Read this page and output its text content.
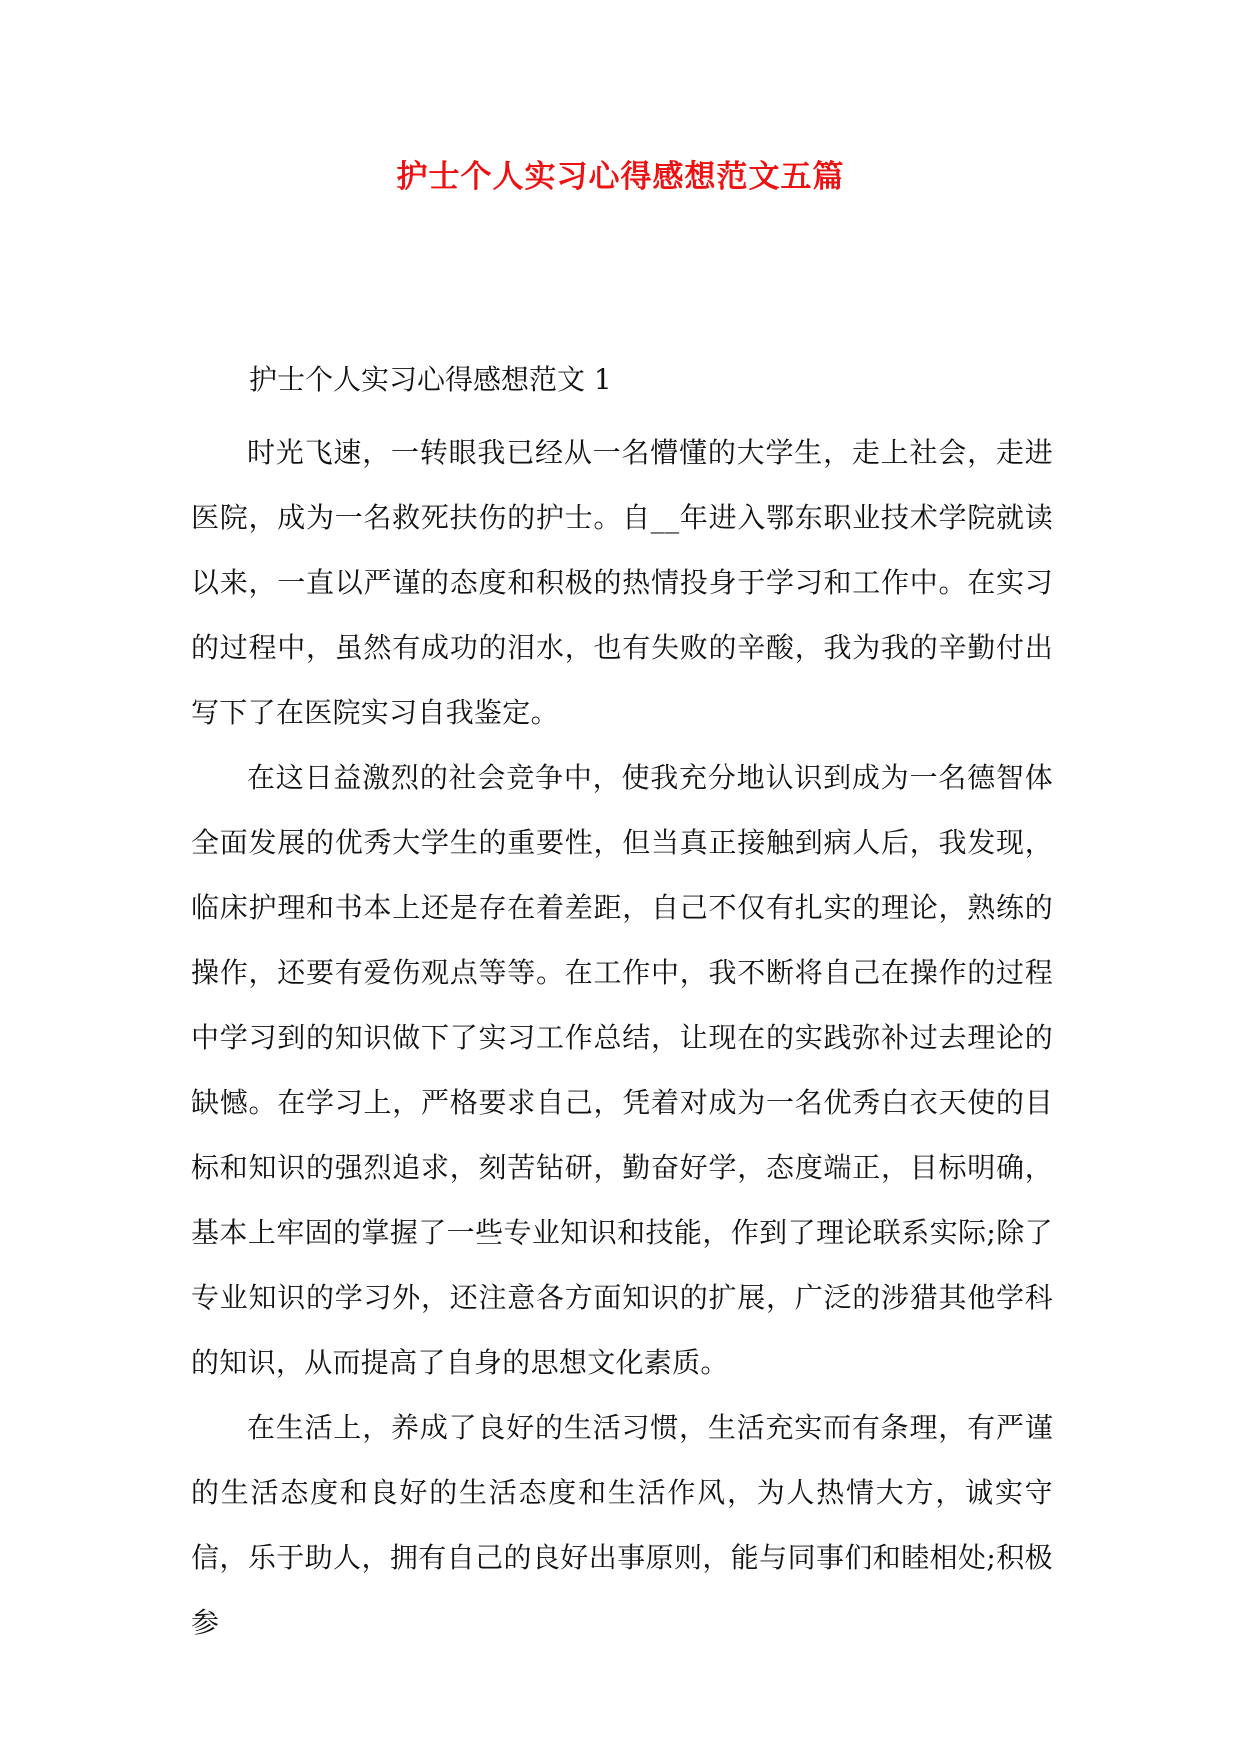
护士个人实习心得感想范文五篇
护士个人实习心得感想范文 1

时光飞速，一转眼我已经从一名懵懂的大学生，走上社会，走进医院，成为一名救死扶伤的护士。自__年进入鄂东职业技术学院就读以来，一直以严谨的态度和积极的热情投身于学习和工作中。在实习的过程中，虽然有成功的泪水，也有失败的辛酸，我为我的辛勤付出写下了在医院实习自我鉴定。

在这日益激烈的社会竞争中，使我充分地认识到成为一名德智体全面发展的优秀大学生的重要性，但当真正接触到病人后，我发现，临床护理和书本上还是存在着差距，自己不仅有扎实的理论，熟练的操作，还要有爱伤观点等等。在工作中，我不断将自己在操作的过程中学习到的知识做下了实习工作总结，让现在的实践弥补过去理论的缺憾。在学习上，严格要求自己，凭着对成为一名优秀白衣天使的目标和知识的强烈追求，刻苦钻研，勤奋好学，态度端正，目标明确，基本上牢固的掌握了一些专业知识和技能，作到了理论联系实际;除了专业知识的学习外，还注意各方面知识的扩展，广泛的涉猎其他学科的知识，从而提高了自身的思想文化素质。

在生活上，养成了良好的生活习惯，生活充实而有条理，有严谨的生活态度和良好的生活态度和生活作风，为人热情大方，诚实守信，乐于助人，拥有自己的良好出事原则，能与同事们和睦相处;积极参
